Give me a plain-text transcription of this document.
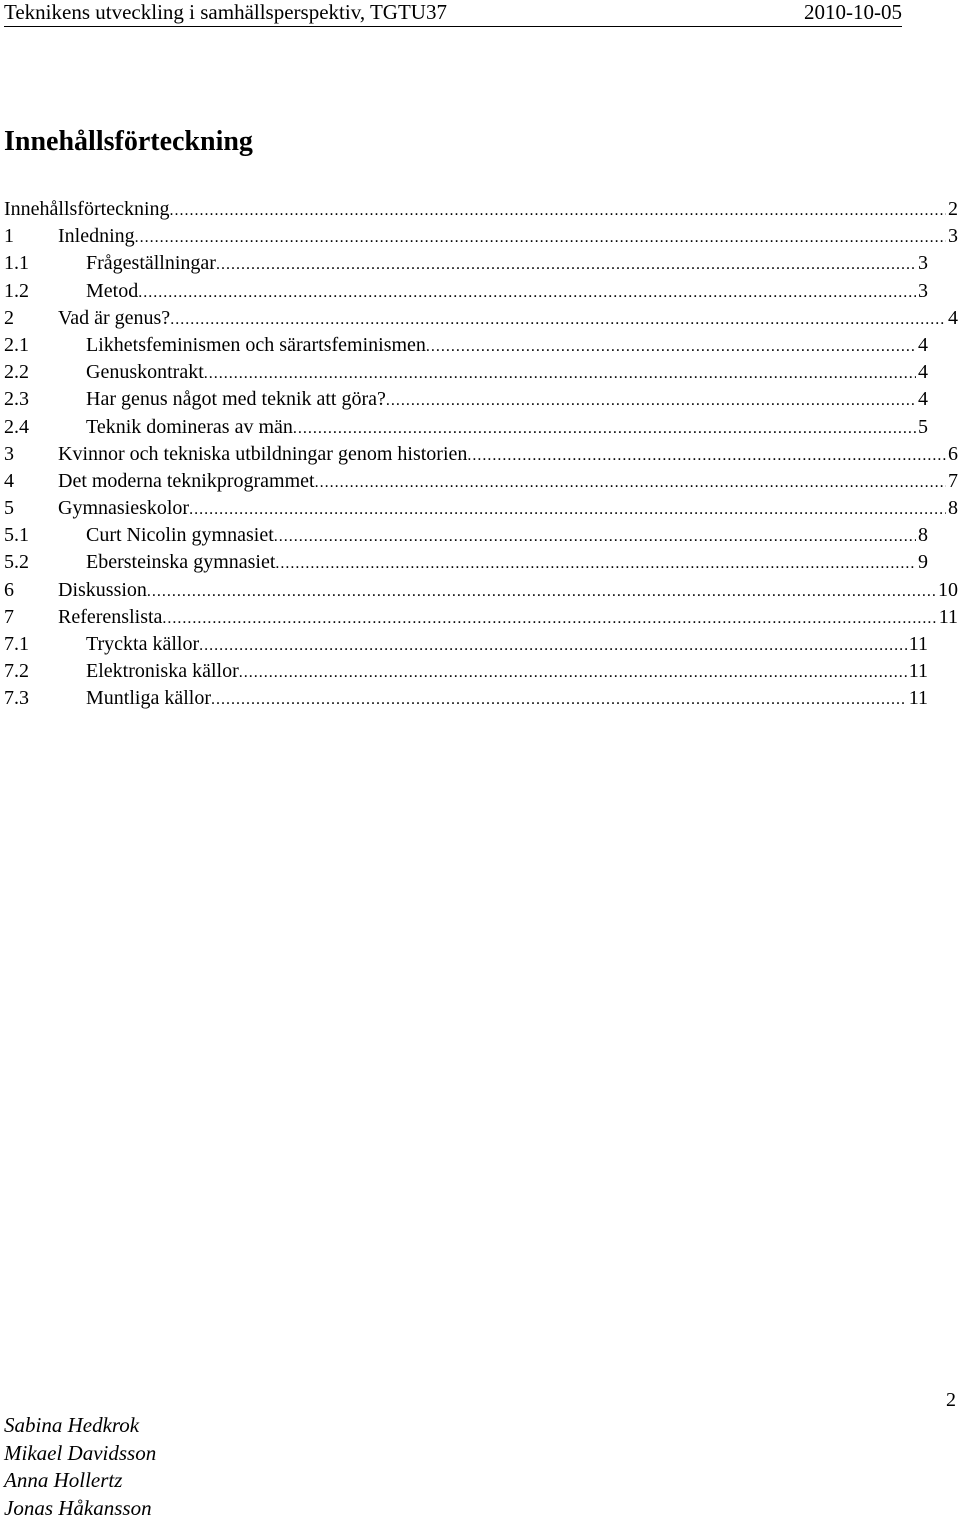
Teknikens utveckling i samhällsperspektiv, TGTU37	2010-10-05
Innehållsförteckning
Innehållsförteckning .....	2
1 Inledning .....	3
1.1	Frågeställningar .....	3
1.2	Metod .....	3
2 Vad är genus? .....	4
2.1	Likhetsfeminismen och särartsfeminismen .....	4
2.2	Genuskontrakt .....	4
2.3	Har genus något med teknik att göra? .....	4
2.4	Teknik domineras av män .....	5
3 Kvinnor och tekniska utbildningar genom historien .....	6
4 Det moderna teknikprogrammet .....	7
5 Gymnasieskolor .....	8
5.1	Curt Nicolin gymnasiet .....	8
5.2	Ebersteinska gymnasiet .....	9
6 Diskussion .....	10
7 Referenslista .....	11
7.1	Tryckta källor .....	11
7.2	Elektroniska källor .....	11
7.3	Muntliga källor .....	11
2
Sabina Hedkrok
Mikael Davidsson
Anna Hollertz
Jonas Håkansson
